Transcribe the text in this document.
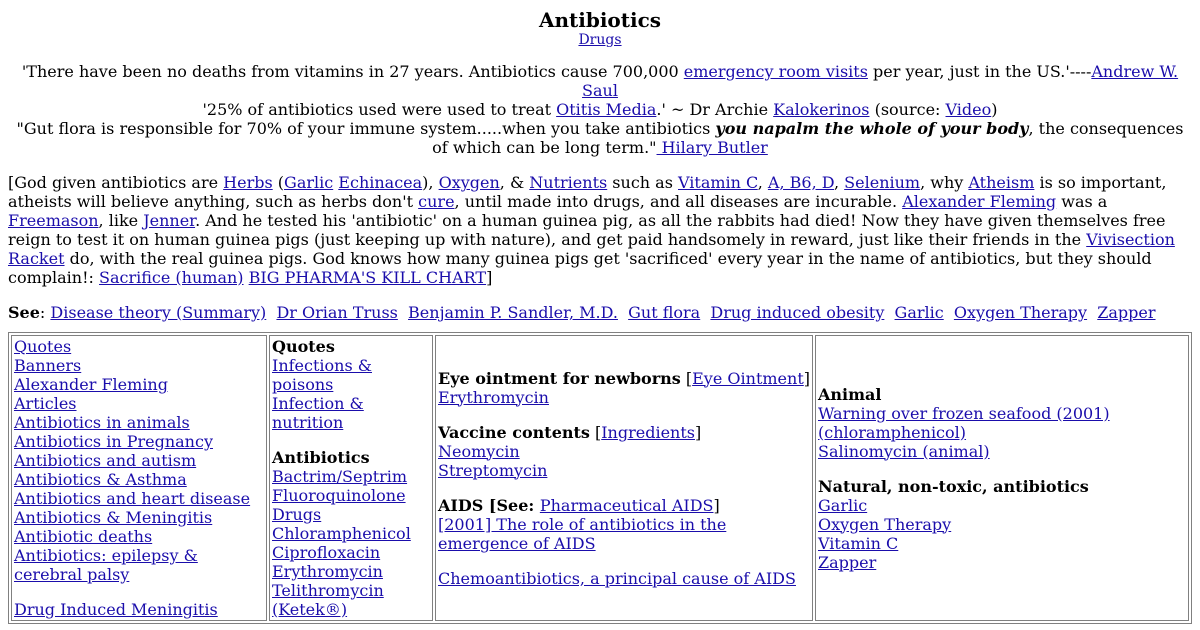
Antibiotics
Drugs

'There have been no deaths from vitamins in 27 years. Antibiotics cause 700,000 emergency room visits per year, just in the US.'----Andrew W. Saul

'25% of antibiotics used were used to treat Otitis Media.' ~ Dr Archie Kalokerinos (source: Video)

"Gut flora is responsible for 70% of your immune system.....when you take antibiotics you napalm the whole of your body, the consequences of which can be long term." Hilary Butler

[God given antibiotics are Herbs (Garlic Echinacea), Oxygen, & Nutrients such as Vitamin C, A, B6, D, Selenium, why Atheism is so important, atheists will believe anything, such as herbs don't cure, until made into drugs, and all diseases are incurable. Alexander Fleming was a Freemason, like Jenner. And he tested his 'antibiotic' on a human guinea pig, as all the rabbits had died! Now they have given themselves free reign to test it on human guinea pigs (just keeping up with nature), and get paid handsomely in reward, just like their friends in the Vivisection Racket do, with the real guinea pigs. God knows how many guinea pigs get 'sacrificed' every year in the name of antibiotics, but they should complain!: Sacrifice (human) BIG PHARMA'S KILL CHART]

See: Disease theory (Summary) Dr Orian Truss Benjamin P. Sandler, M.D. Gut flora Drug induced obesity Garlic Oxygen Therapy Zapper

Quotes
Banners
Alexander Fleming
Articles
Antibiotics in animals
Antibiotics in Pregnancy
Antibiotics and autism
Antibiotics & Asthma
Antibiotics and heart disease
Antibiotics & Meningitis
Antibiotic deaths
Antibiotics: epilepsy & cerebral palsy
Drug Induced Meningitis

Quotes
Infections & poisons
Infection & nutrition
Antibiotics
Bactrim/Septrim
Fluoroquinolone Drugs
Chloramphenicol
Ciprofloxacin
Erythromycin
Telithromycin (Ketek®)

Eye ointment for newborns [Eye Ointment]
Erythromycin
Vaccine contents [Ingredients]
Neomycin
Streptomycin
AIDS [See: Pharmaceutical AIDS]
[2001] The role of antibiotics in the emergence of AIDS
Chemoantibiotics, a principal cause of AIDS

Animal
Warning over frozen seafood (2001) (chloramphenicol)
Salinomycin (animal)
Natural, non-toxic, antibiotics
Garlic
Oxygen Therapy
Vitamin C
Zapper
